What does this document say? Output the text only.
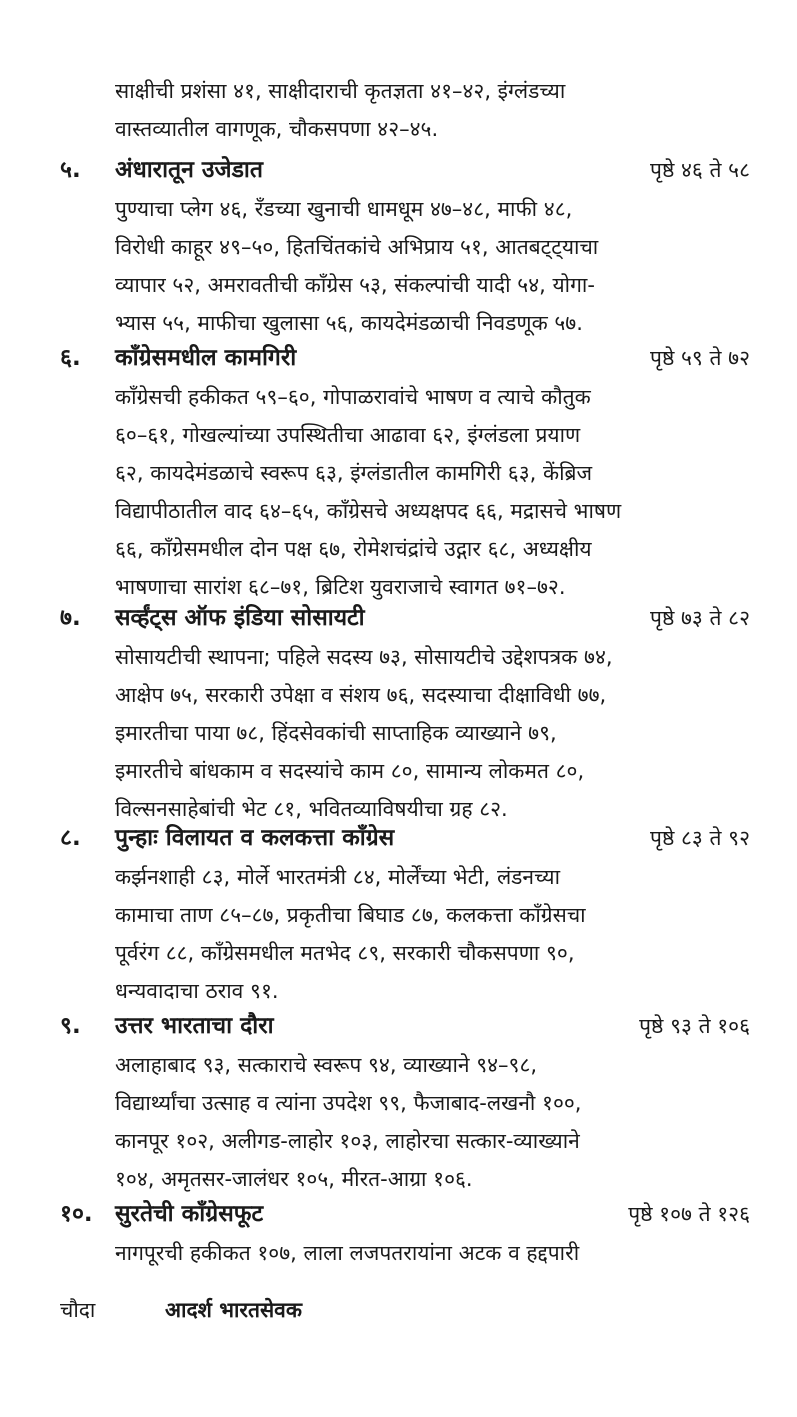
साक्षीची प्रशंसा ४१, साक्षीदाराची कृतज्ञता ४१–४२, इंग्लंडच्या
वास्तव्यातील वागणूक, चौकसपणा ४२–४५.
५. अंधारातून उजेडात	पृष्ठे ४६ ते ५८
पुण्याचा प्लेग ४६, रँडच्या खुनाची धामधूम ४७–४८, माफी ४८,
विरोधी काहूर ४९–५०, हितचिंतकांचे अभिप्राय ५१, आतबट्ट्याचा
व्यापार ५२, अमरावतीची काँग्रेस ५३, संकल्पांची यादी ५४, योगा-
भ्यास ५५, माफीचा खुलासा ५६, कायदेमंडळाची निवडणूक ५७.
६. काँग्रेसमधील कामगिरी	पृष्ठे ५९ ते ७२
काँग्रेसची हकीकत ५९–६०, गोपाळरावांचे भाषण व त्याचे कौतुक
६०–६१, गोखल्यांच्या उपस्थितीचा आढावा ६२, इंग्लंडला प्रयाण
६२, कायदेमंडळाचे स्वरूप ६३, इंग्लंडातील कामगिरी ६३, केंब्रिज
विद्यापीठातील वाद ६४–६५, काँग्रेसचे अध्यक्षपद ६६, मद्रासचे भाषण
६६, काँग्रेसमधील दोन पक्ष ६७, रोमेशचंद्रांचे उद्गार ६८, अध्यक्षीय
भाषणाचा सारांश ६८–७१, ब्रिटिश युवराजाचे स्वागत ७१–७२.
७. सर्व्हंट्स ऑफ इंडिया सोसायटी	पृष्ठे ७३ ते ८२
सोसायटीची स्थापना; पहिले सदस्य ७३, सोसायटीचे उद्देशपत्रक ७४,
आक्षेप ७५, सरकारी उपेक्षा व संशय ७६, सदस्याचा दीक्षाविधी ७७,
इमारतीचा पाया ७८, हिंदसेवकांची साप्ताहिक व्याख्याने ७९,
इमारतीचे बांधकाम व सदस्यांचे काम ८०, सामान्य लोकमत ८०,
विल्सनसाहेबांची भेट ८१, भवितव्याविषयीचा ग्रह ८२.
८. पुन्हाः विलायत व कलकत्ता काँग्रेस	पृष्ठे ८३ ते ९२
कर्झनशाही ८३, मोर्ले भारतमंत्री ८४, मोर्लेंच्या भेटी, लंडनच्या
कामाचा ताण ८५–८७, प्रकृतीचा बिघाड ८७, कलकत्ता काँग्रेसचा
पूर्वरंग ८८, काँग्रेसमधील मतभेद ८९, सरकारी चौकसपणा ९०,
धन्यवादाचा ठराव ९१.
९. उत्तर भारताचा दौरा	पृष्ठे ९३ ते १०६
अलाहाबाद ९३, सत्काराचे स्वरूप ९४, व्याख्याने ९४–९८,
विद्यार्थ्यांचा उत्साह व त्यांना उपदेश ९९, फैजाबाद-लखनौ १००,
कानपूर १०२, अलीगड-लाहोर १०३, लाहोरचा सत्कार-व्याख्याने
१०४, अमृतसर-जालंधर १०५, मीरत-आग्रा १०६.
१०. सुरतेची काँग्रेसफूट	पृष्ठे १०७ ते १२६
नागपूरची हकीकत १०७, लाला लजपतरायांना अटक व हद्दपारी
चौदा	आदर्श भारतसेवक
